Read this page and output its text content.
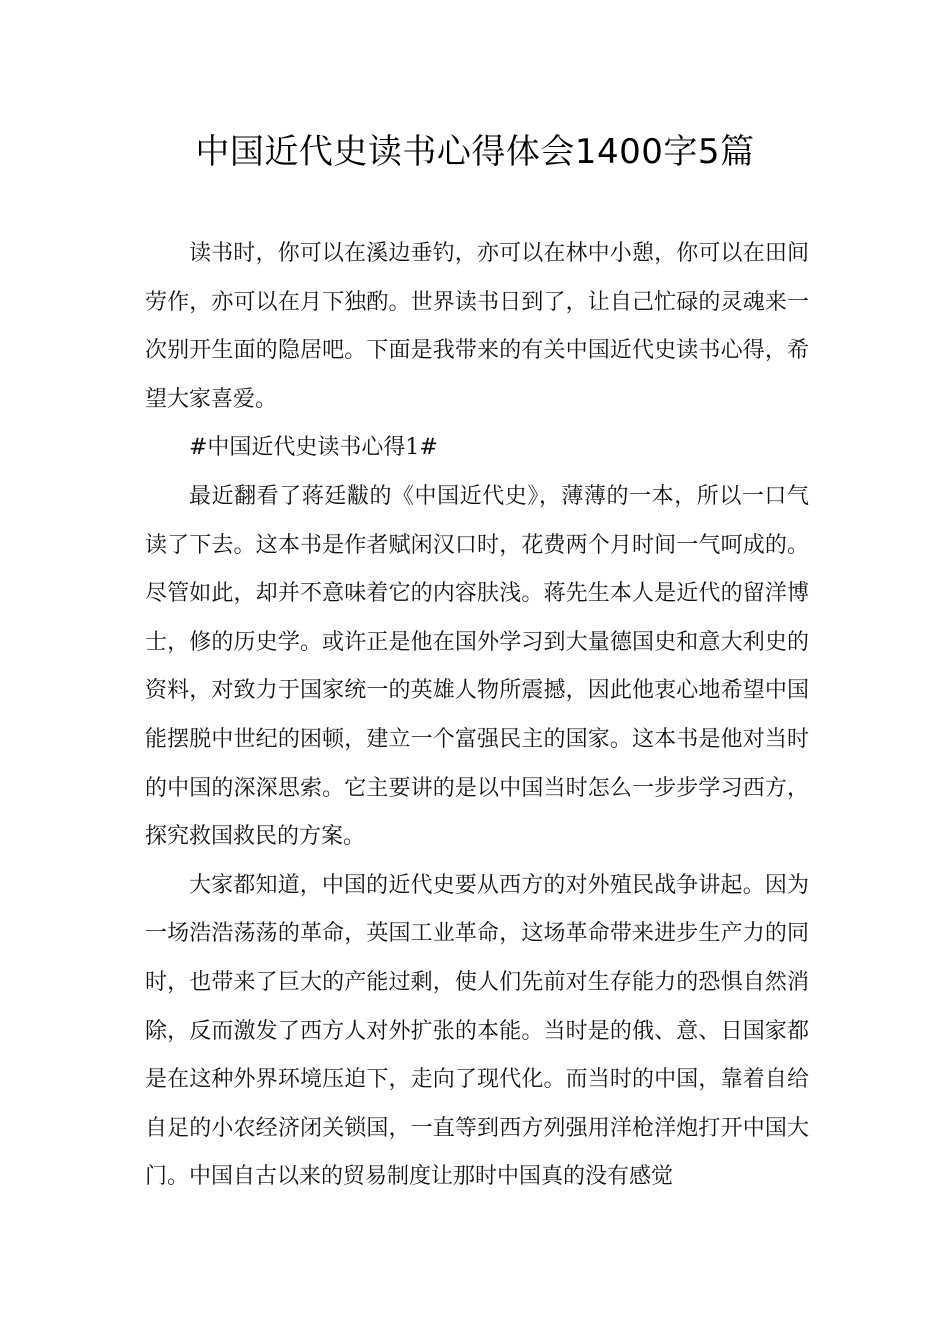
中国近代史读书心得体会1400字5篇

读书时，你可以在溪边垂钓，亦可以在林中小憩，你可以在田间劳作，亦可以在月下独酌。世界读书日到了，让自己忙碌的灵魂来一次别开生面的隐居吧。下面是我带来的有关中国近代史读书心得，希望大家喜爱。

#中国近代史读书心得1#

最近翻看了蒋廷黻的《中国近代史》，薄薄的一本，所以一口气读了下去。这本书是作者赋闲汉口时，花费两个月时间一气呵成的。尽管如此，却并不意味着它的内容肤浅。蒋先生本人是近代的留洋博士，修的历史学。或许正是他在国外学习到大量德国史和意大利史的资料，对致力于国家统一的英雄人物所震撼，因此他衷心地希望中国能摆脱中世纪的困顿，建立一个富强民主的国家。这本书是他对当时的中国的深深思索。它主要讲的是以中国当时怎么一步步学习西方，探究救国救民的方案。

大家都知道，中国的近代史要从西方的对外殖民战争讲起。因为一场浩浩荡荡的革命，英国工业革命，这场革命带来进步生产力的同时，也带来了巨大的产能过剩，使人们先前对生存能力的恐惧自然消除，反而激发了西方人对外扩张的本能。当时是的俄、意、日国家都是在这种外界环境压迫下，走向了现代化。而当时的中国，靠着自给自足的小农经济闭关锁国，一直等到西方列强用洋枪洋炮打开中国大门。中国自古以来的贸易制度让那时中国真的没有感觉
